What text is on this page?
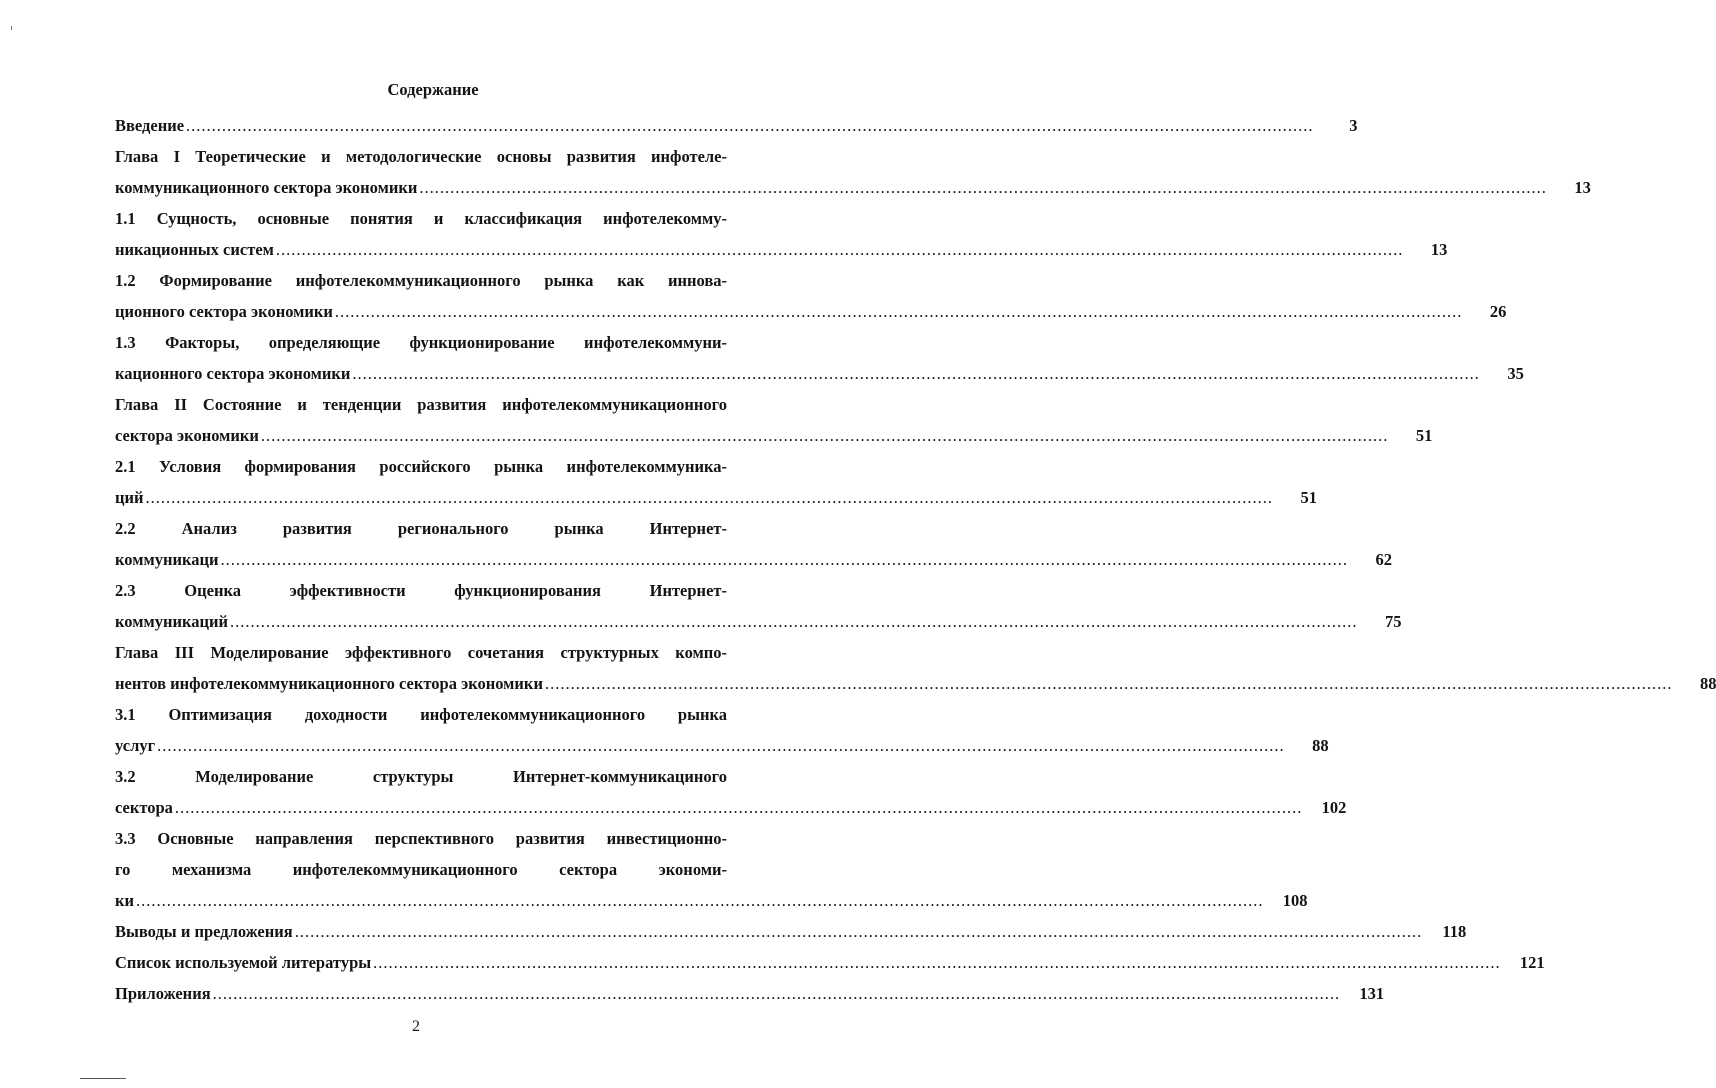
Содержание
Введение ............................................................................................................................................................................................................................	3
Глава I Теоретические и методологические основы развития инфотеле-
коммуникационного сектора экономики ............................................................................................................................................................................................................................	13
1.1 Сущность, основные понятия и классификация инфотелекомму-
никационных систем ............................................................................................................................................................................................................................	13
1.2 Формирование инфотелекоммуникационного рынка как иннова-
ционного сектора экономики ............................................................................................................................................................................................................................	26
1.3 Факторы, определяющие функционирование инфотелекоммуни-
кационного сектора экономики ............................................................................................................................................................................................................................	35
Глава II Состояние и тенденции развития инфотелекоммуникационного
сектора экономики ............................................................................................................................................................................................................................	51
2.1 Условия формирования российского рынка инфотелекоммуника-
ций ............................................................................................................................................................................................................................	51
2.2 Анализ развития регионального рынка Интернет-
коммуникаци ............................................................................................................................................................................................................................	62
2.3 Оценка эффективности функционирования Интернет-
коммуникаций ............................................................................................................................................................................................................................	75
Глава III Моделирование эффективного сочетания структурных компо-
нентов инфотелекоммуникационного сектора экономики ............................................................................................................................................................................................................................	88
3.1 Оптимизация доходности инфотелекоммуникационного рынка
услуг ............................................................................................................................................................................................................................	88
3.2 Моделирование структуры Интернет-коммуникациного
сектора ............................................................................................................................................................................................................................	102
3.3 Основные направления перспективного развития инвестиционно-
го механизма инфотелекоммуникационного сектора экономи-
ки ............................................................................................................................................................................................................................	108
Выводы и предложения ............................................................................................................................................................................................................................	118
Список используемой литературы ............................................................................................................................................................................................................................	121
Приложения ............................................................................................................................................................................................................................	131
2
